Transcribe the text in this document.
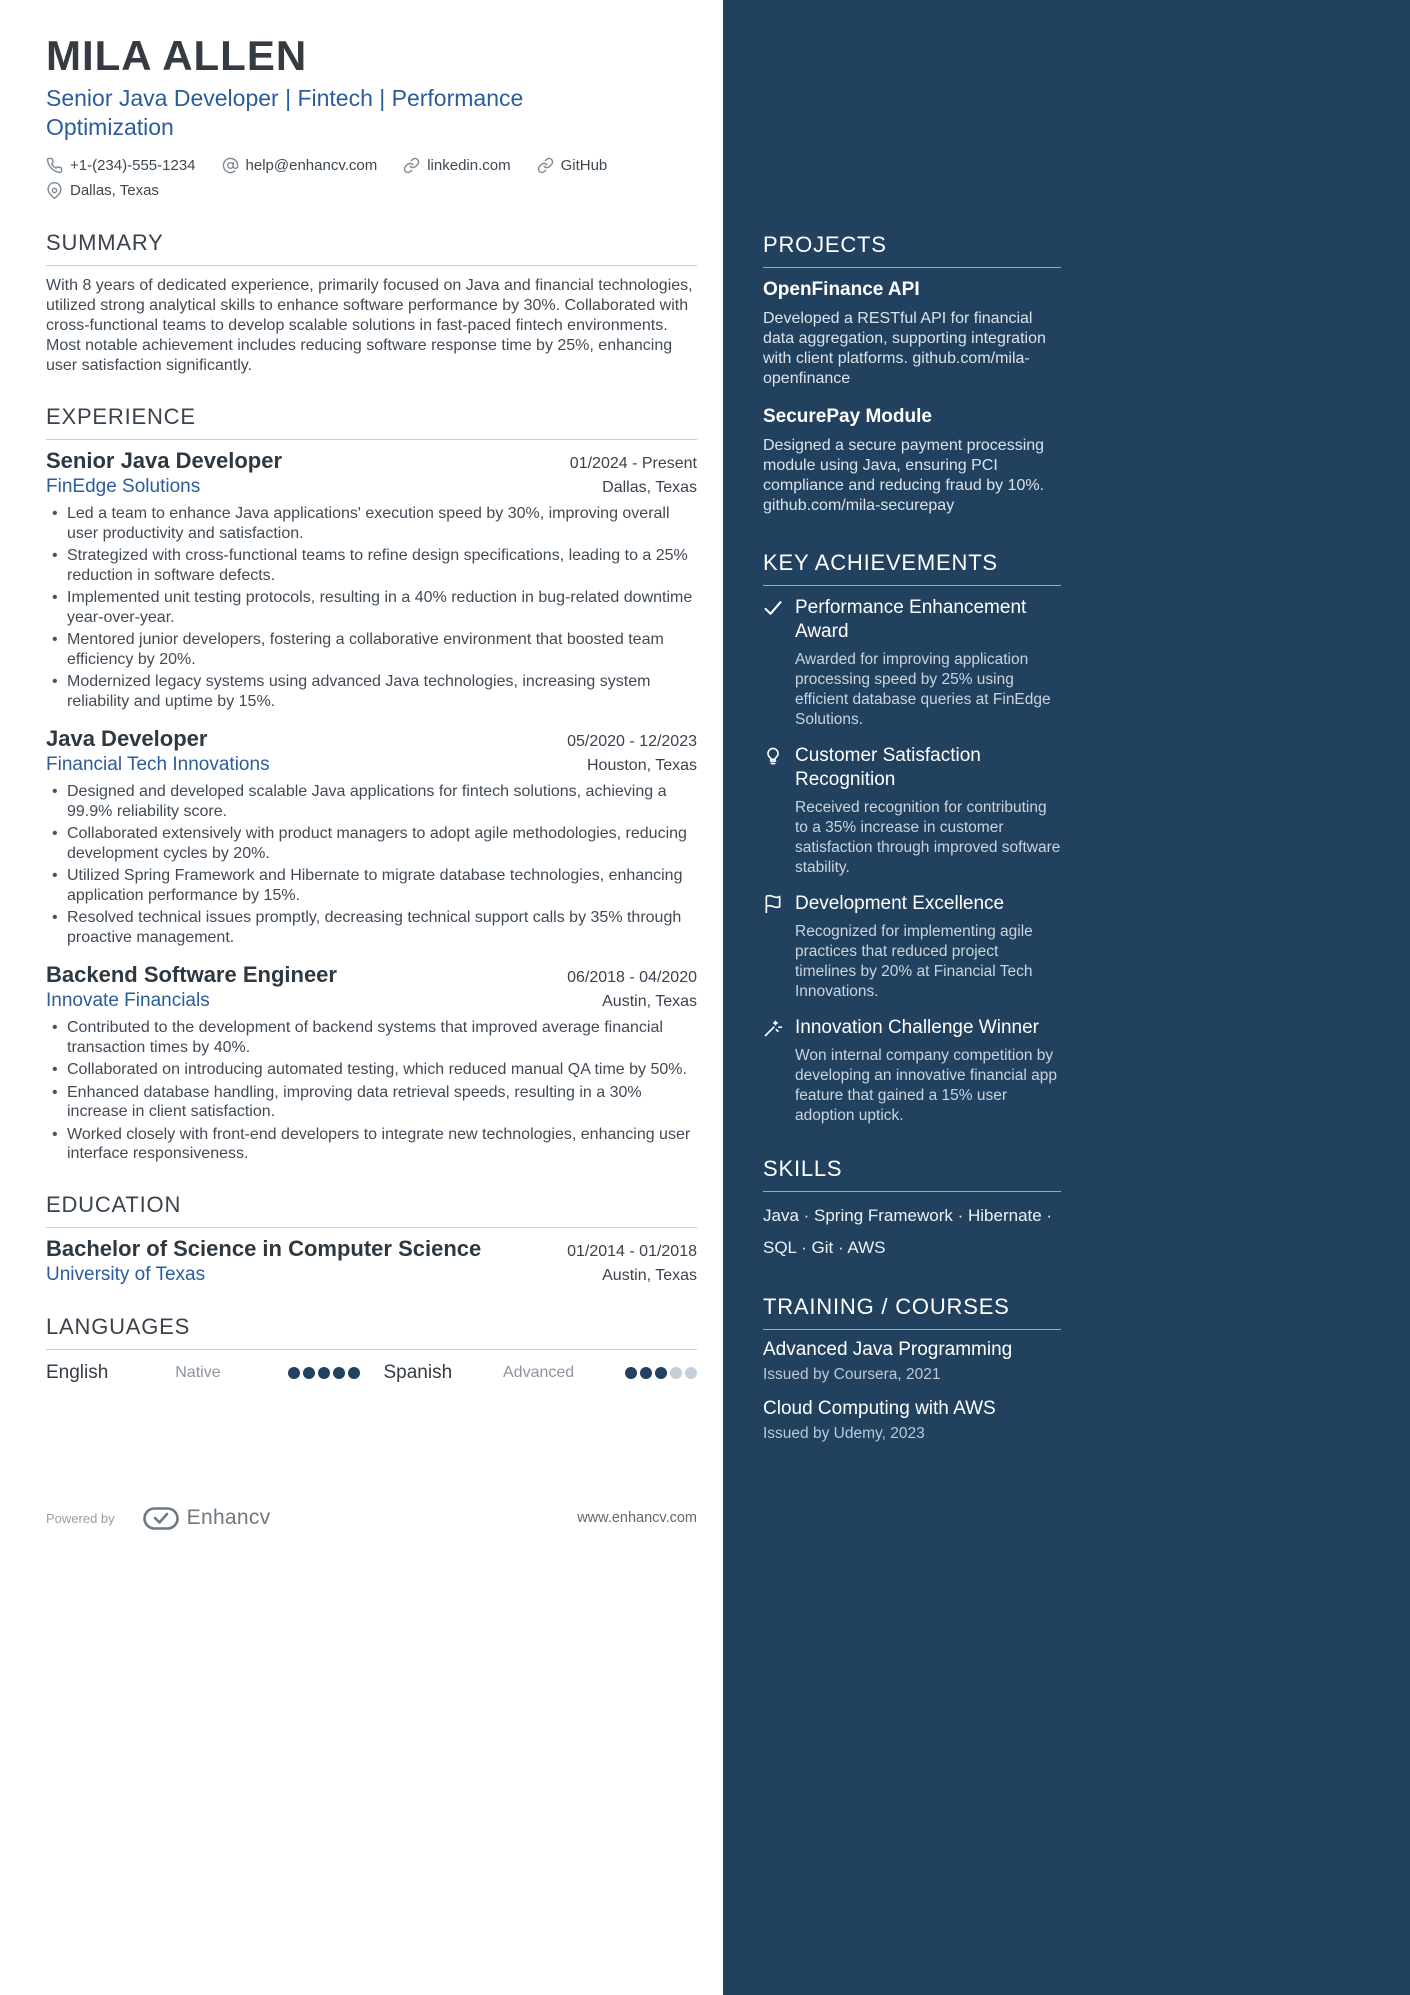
MILA ALLEN
Senior Java Developer | Fintech | Performance Optimization
+1-(234)-555-1234	help@enhancv.com	linkedin.com	GitHub
Dallas, Texas
SUMMARY

With 8 years of dedicated experience, primarily focused on Java and financial technologies, utilized strong analytical skills to enhance software performance by 30%. Collaborated with cross-functional teams to develop scalable solutions in fast-paced fintech environments. Most notable achievement includes reducing software response time by 25%, enhancing user satisfaction significantly.

EXPERIENCE
Senior Java Developer	01/2024 - Present
FinEdge Solutions	Dallas, Texas
• Led a team to enhance Java applications' execution speed by 30%, improving overall user productivity and satisfaction.
• Strategized with cross-functional teams to refine design specifications, leading to a 25% reduction in software defects.
• Implemented unit testing protocols, resulting in a 40% reduction in bug-related downtime year-over-year.
• Mentored junior developers, fostering a collaborative environment that boosted team efficiency by 20%.
• Modernized legacy systems using advanced Java technologies, increasing system reliability and uptime by 15%.
Java Developer	05/2020 - 12/2023
Financial Tech Innovations	Houston, Texas
• Designed and developed scalable Java applications for fintech solutions, achieving a 99.9% reliability score.
• Collaborated extensively with product managers to adopt agile methodologies, reducing development cycles by 20%.
• Utilized Spring Framework and Hibernate to migrate database technologies, enhancing application performance by 15%.
• Resolved technical issues promptly, decreasing technical support calls by 35% through proactive management.
Backend Software Engineer	06/2018 - 04/2020
Innovate Financials	Austin, Texas
• Contributed to the development of backend systems that improved average financial transaction times by 40%.
• Collaborated on introducing automated testing, which reduced manual QA time by 50%.
• Enhanced database handling, improving data retrieval speeds, resulting in a 30% increase in client satisfaction.
• Worked closely with front-end developers to integrate new technologies, enhancing user interface responsiveness.
EDUCATION
Bachelor of Science in Computer Science	01/2014 - 01/2018
University of Texas	Austin, Texas
LANGUAGES
English	Native	Spanish	Advanced
Powered by	Enhancv	www.enhancv.com
PROJECTS
OpenFinance API

Developed a RESTful API for financial data aggregation, supporting integration with client platforms. github.com/mila-openfinance

SecurePay Module

Designed a secure payment processing module using Java, ensuring PCI compliance and reducing fraud by 10%. github.com/mila-securepay

KEY ACHIEVEMENTS
Performance Enhancement Award
Awarded for improving application processing speed by 25% using efficient database queries at FinEdge Solutions.
Customer Satisfaction Recognition
Received recognition for contributing to a 35% increase in customer satisfaction through improved software stability.
Development Excellence
Recognized for implementing agile practices that reduced project timelines by 20% at Financial Tech Innovations.
Innovation Challenge Winner
Won internal company competition by developing an innovative financial app feature that gained a 15% user adoption uptick.
SKILLS

Java · Spring Framework · Hibernate · SQL · Git · AWS

TRAINING / COURSES
Advanced Java Programming
Issued by Coursera, 2021
Cloud Computing with AWS
Issued by Udemy, 2023
